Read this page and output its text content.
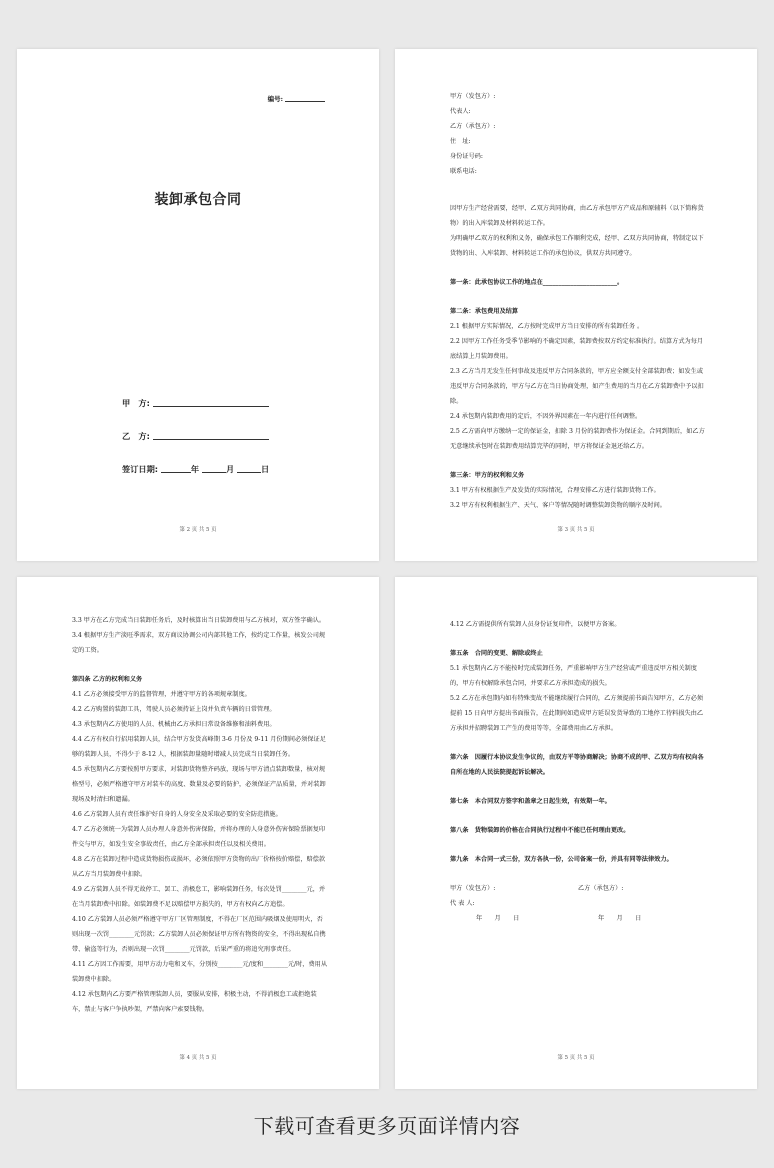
编号:
装卸承包合同
甲　方:
乙　方:
签订日期:	年	月	日
第 2 页 共 5 页

甲方（发包方）:

代表人:

乙方（承包方）:

住　址:

身份证号码:

联系电话:

因甲方生产经营需要，经甲、乙双方共同协商，由乙方承包甲方产成品和原辅料（以下简称货物）的出入库装卸及材料转运工作。

为明确甲乙双方的权利和义务，确保承包工作顺利完成，经甲、乙双方共同协商，特制定以下货物的出、入库装卸、材料转运工作的承包协议，供双方共同遵守。

第一条：此承包协议工作的地点在________________________。

第二条：承包费用及结算

2.1 根据甲方实际情况，乙方按时完成甲方当日安排的所有装卸任务 。

2.2 因甲方工作任务受季节影响的不确定因素，装卸费按双方约定标准执行。结算方式为每月底结算上月装卸费用。

2.3 乙方当月无发生任何事故及违反甲方合同条款的，甲方应全额支付全部装卸费；如发生或违反甲方合同条款的，甲方与乙方在当日协商处理，如产生费用的当月在乙方装卸费中予以扣除。

2.4 承包期内装卸费用的定后，不因外界因素在一年内进行任何调整。

2.5 乙方需向甲方缴纳一定的保证金，扣除 3 月份的装卸费作为保证金。合同到期后，如乙方无意继续承包时在装卸费用结算完毕的同时，甲方将保证金退还给乙方。

第三条：甲方的权利和义务

3.1 甲方有权根据生产及发货的实际情况，合理安排乙方进行装卸货物工作。

3.2 甲方有权利根据生产、天气、客户等情况随时调整装卸货物的顺序及时间。

第 3 页 共 5 页

3.3 甲方在乙方完成当日装卸任务后，及时核算出当日装卸费用与乙方核对，双方签字确认。

3.4 根据甲方生产淡旺季需求，双方商议协调公司内部其他工作，按约定工作量，核发公司规定的工资。

第四条 乙方的权利和义务

4.1 乙方必须接受甲方的监督管理，并遵守甲方的各项规章制度。

4.2 乙方购置的装卸工具，驾驶人员必须持证上岗并负责车辆的日常管理。

4.3 承包期内乙方使用的人员、机械由乙方承担日常设备维修和油料费用。

4.4 乙方有权自行招用装卸人员，结合甲方发货高峰期 3-6 月份及 9-11 月份期间必须保证足够的装卸人员，不得少于 8-12 人，根据装卸量随时增减人员完成当日装卸任务。

4.5 承包期内乙方要按照甲方要求，对装卸货物整齐码放，现场与甲方清点装卸数量，核对规格型号，必须严格遵守甲方对装车的高度、数量及必要的防护，必须保证产品质量，并对装卸现场及时清扫和遗漏。

4.6 乙方装卸人员有责任维护好自身的人身安全及采取必要的安全防范措施。

4.7 乙方必须统一为装卸人员办理人身意外伤害保险，并将办理的人身意外伤害保险票据复印件交与甲方，如发生安全事故责任，由乙方全部承担责任以及相关费用。

4.8 乙方在装卸过程中造成货物损伤或损坏，必须依照甲方货物的出厂价格按价赔偿，赔偿款从乙方当月装卸费中扣除。

4.9 乙方装卸人员不得无故停工、罢工、消极怠工，影响装卸任务，每次处罚________元，并在当月装卸费中扣除。如装卸费不足以赔偿甲方损失的，甲方有权向乙方追偿。

4.10 乙方装卸人员必须严格遵守甲方厂区管理制度，不得在厂区范围内吸烟及使用明火，否则出现一次罚________元罚款；乙方装卸人员必须保证甲方所有物资的安全，不得出现私自携带、偷盗等行为，否则出现一次罚________元罚款，后果严重的将追究刑事责任。

4.11 乙方因工作需要，用甲方动力电和叉车，分别按________元/度和________元/时，费用从装卸费中扣除。

4.12 承包期内乙方要严格管理装卸人员，要服从安排，积极主动，不得消极怠工或拒绝装车，禁止与客户争执吵架，严禁向客户索要钱物。

第 4 页 共 5 页

4.12 乙方需提供所有装卸人员身份证复印件，以便甲方备案。

第五条　合同的变更、解除或终止

5.1 承包期内乙方不能按时完成装卸任务，严重影响甲方生产经营或严重违反甲方相关制度的，甲方有权解除承包合同，并要求乙方承担造成的损失。

5.2 乙方在承包期内如有特殊变故不能继续履行合同的，乙方须提前书面告知甲方，乙方必须提前 15 日向甲方提出书面报告，在此期间如造成甲方延误发货导致的工地停工待料损失由乙方承担并招聘装卸工产生的费用等等，全部费用由乙方承担。

第六条　因履行本协议发生争议的，由双方平等协商解决；协商不成的甲、乙双方均有权向各自所在地的人民法院提起诉讼解决。

第七条　本合同双方签字和盖章之日起生效，有效期一年。

第八条　货物装卸的价格在合同执行过程中不能已任何理由更改。

第九条　本合同一式三份，双方各执一份，公司备案一份，并具有同等法律效力。

甲方（发包方）:	乙方（承包方）:
代 表 人:
年　　月　　日	年　　月　　日
第 5 页 共 5 页
下载可查看更多页面详情内容
